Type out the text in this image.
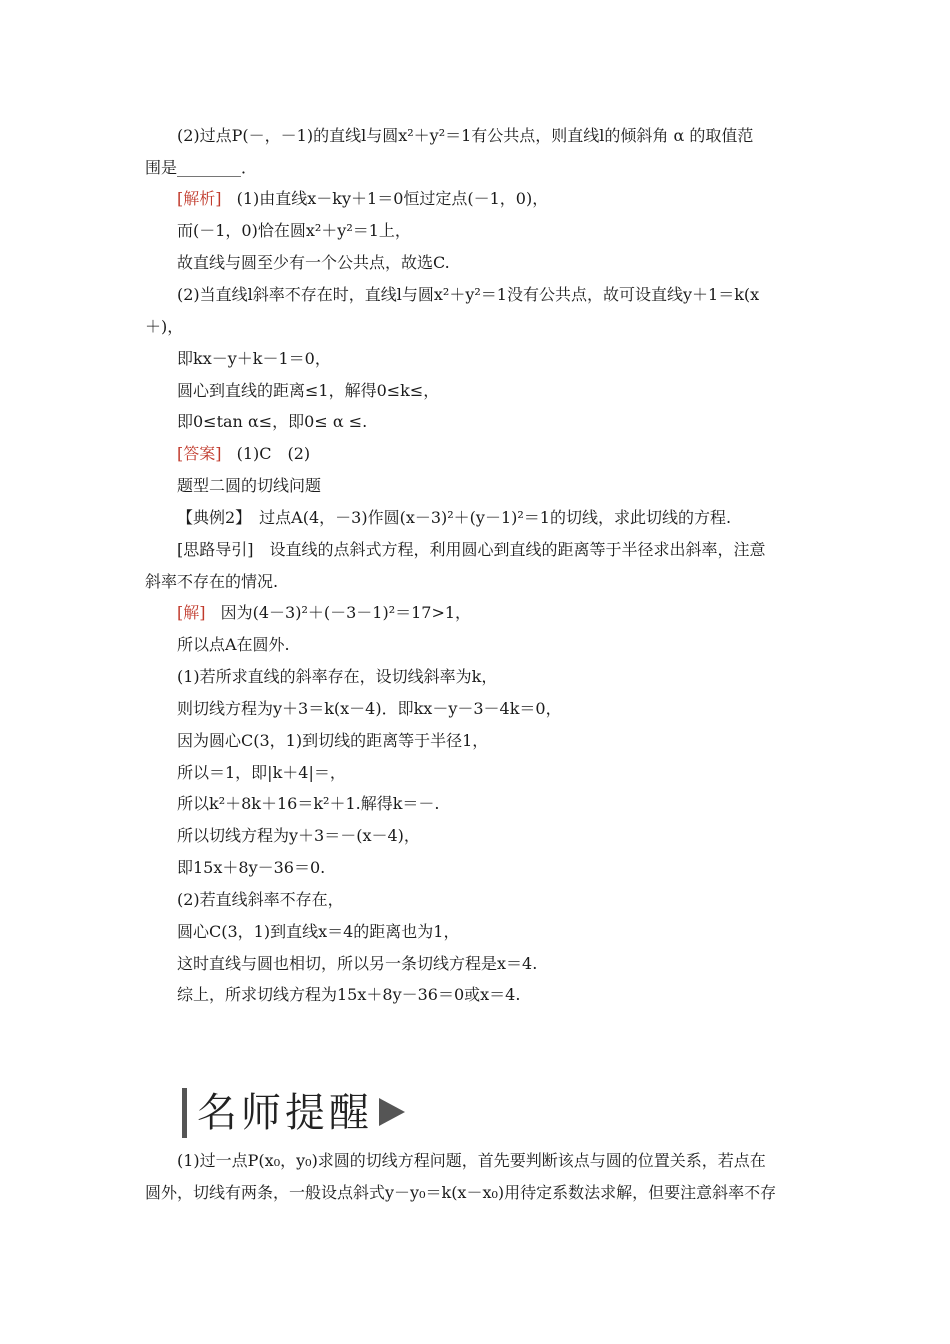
(2)过点P(－，－1)的直线l与圆x²＋y²＝1有公共点，则直线l的倾斜角 α 的取值范
围是________．
[解析] (1)由直线x－ky＋1＝0恒过定点(－1，0)，
而(－1，0)恰在圆x²＋y²＝1上，
故直线与圆至少有一个公共点，故选C.
(2)当直线l斜率不存在时，直线l与圆x²＋y²＝1没有公共点，故可设直线y＋1＝k(x
＋)，
即kx－y＋k－1＝0，
圆心到直线的距离≤1，解得0≤k≤，
即0≤tan α≤，即0≤ α ≤.
[答案] (1)C　(2)
题型二圆的切线问题
【典例2】　过点A(4，－3)作圆(x－3)²＋(y－1)²＝1的切线，求此切线的方程.
[思路导引]　设直线的点斜式方程，利用圆心到直线的距离等于半径求出斜率，注意
斜率不存在的情况.
[解] 因为(4－3)²＋(－3－1)²＝17>1，
所以点A在圆外.
(1)若所求直线的斜率存在，设切线斜率为k，
则切线方程为y＋3＝k(x－4)．即kx－y－3－4k＝0，
因为圆心C(3，1)到切线的距离等于半径1，
所以＝1，即|k＋4|＝，
所以k²＋8k＋16＝k²＋1.解得k＝－.
所以切线方程为y＋3＝－(x－4)，
即15x＋8y－36＝0.
(2)若直线斜率不存在，
圆心C(3，1)到直线x＝4的距离也为1，
这时直线与圆也相切，所以另一条切线方程是x＝4.
综上，所求切线方程为15x＋8y－36＝0或x＝4.
名师提醒
(1)过一点P(x₀，y₀)求圆的切线方程问题，首先要判断该点与圆的位置关系，若点在
圆外，切线有两条，一般设点斜式y－y₀＝k(x－x₀)用待定系数法求解，但要注意斜率不存
